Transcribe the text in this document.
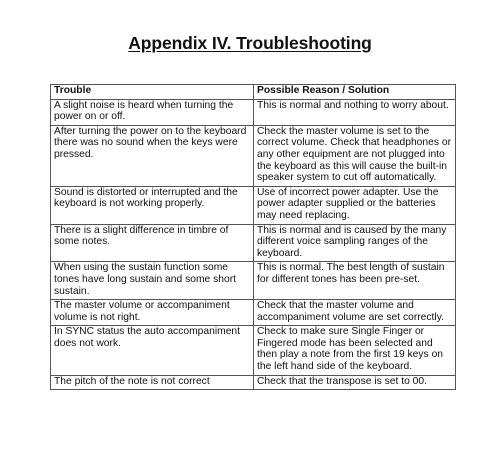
Appendix IV. Troubleshooting
Trouble	Possible Reason / Solution
A slight noise is heard when turning the power on or off.	This is normal and nothing to worry about.
After turning the power on to the keyboard there was no sound when the keys were pressed.	Check the master volume is set to the correct volume. Check that headphones or any other equipment are not plugged into the keyboard as this will cause the built-in speaker system to cut off automatically.
Sound is distorted or interrupted and the keyboard is not working properly.	Use of incorrect power adapter. Use the power adapter supplied or the batteries may need replacing.
There is a slight difference in timbre of some notes.	This is normal and is caused by the many different voice sampling ranges of the keyboard.
When using the sustain function some tones have long sustain and some short sustain.	This is normal. The best length of sustain for different tones has been pre-set.
The master volume or accompaniment volume is not right.	Check that the master volume and accompaniment volume are set correctly.
In SYNC status the auto accompaniment does not work.	Check to make sure Single Finger or Fingered mode has been selected and then play a note from the first 19 keys on the left hand side of the keyboard.
The pitch of the note is not correct	Check that the transpose is set to 00.
